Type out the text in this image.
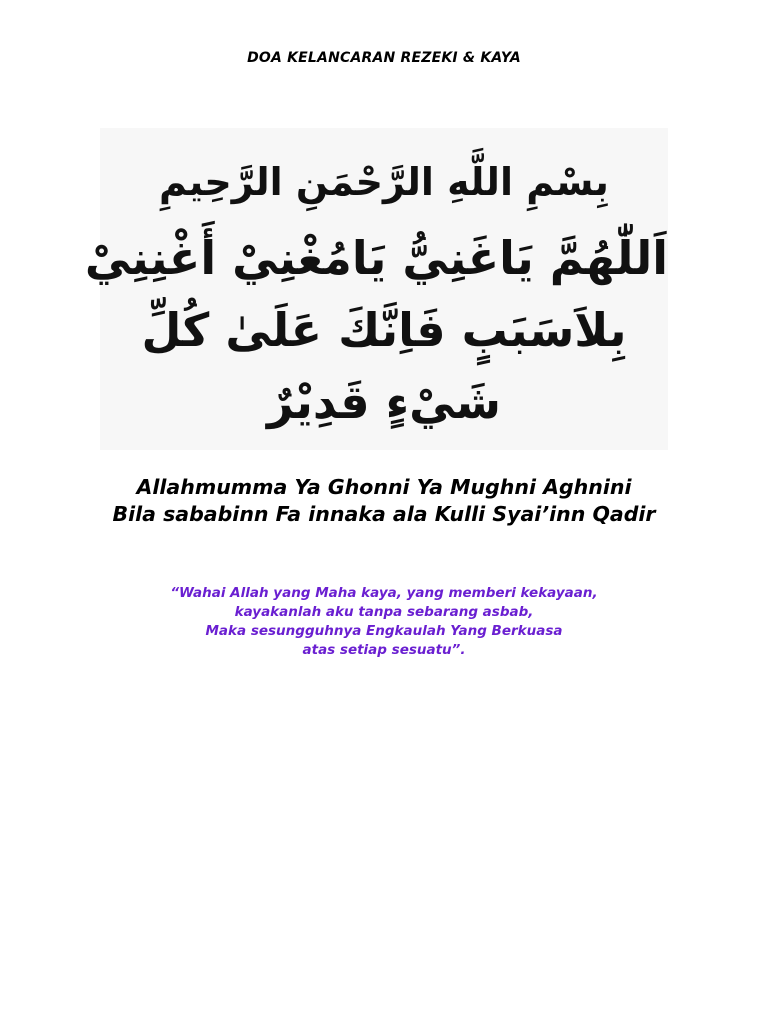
DOA KELANCARAN REZEKI & KAYA
بِسْمِ اللَّهِ الرَّحْمَنِ الرَّحِيمِ
اَللّٰهُمَّ يَاغَنِيُّ يَامُغْنِيْ أَغْنِنِيْ
بِلاَسَبَبٍ فَاِنَّكَ عَلَىٰ كُلِّ
شَيْءٍ قَدِيْرٌ
Allahmumma Ya Ghonni Ya Mughni Aghnini
Bila sababinn Fa innaka ala Kulli Syai’inn Qadir
“Wahai Allah yang Maha kaya, yang memberi kekayaan,
kayakanlah aku tanpa sebarang asbab,
Maka sesungguhnya Engkaulah Yang Berkuasa
atas setiap sesuatu”.
